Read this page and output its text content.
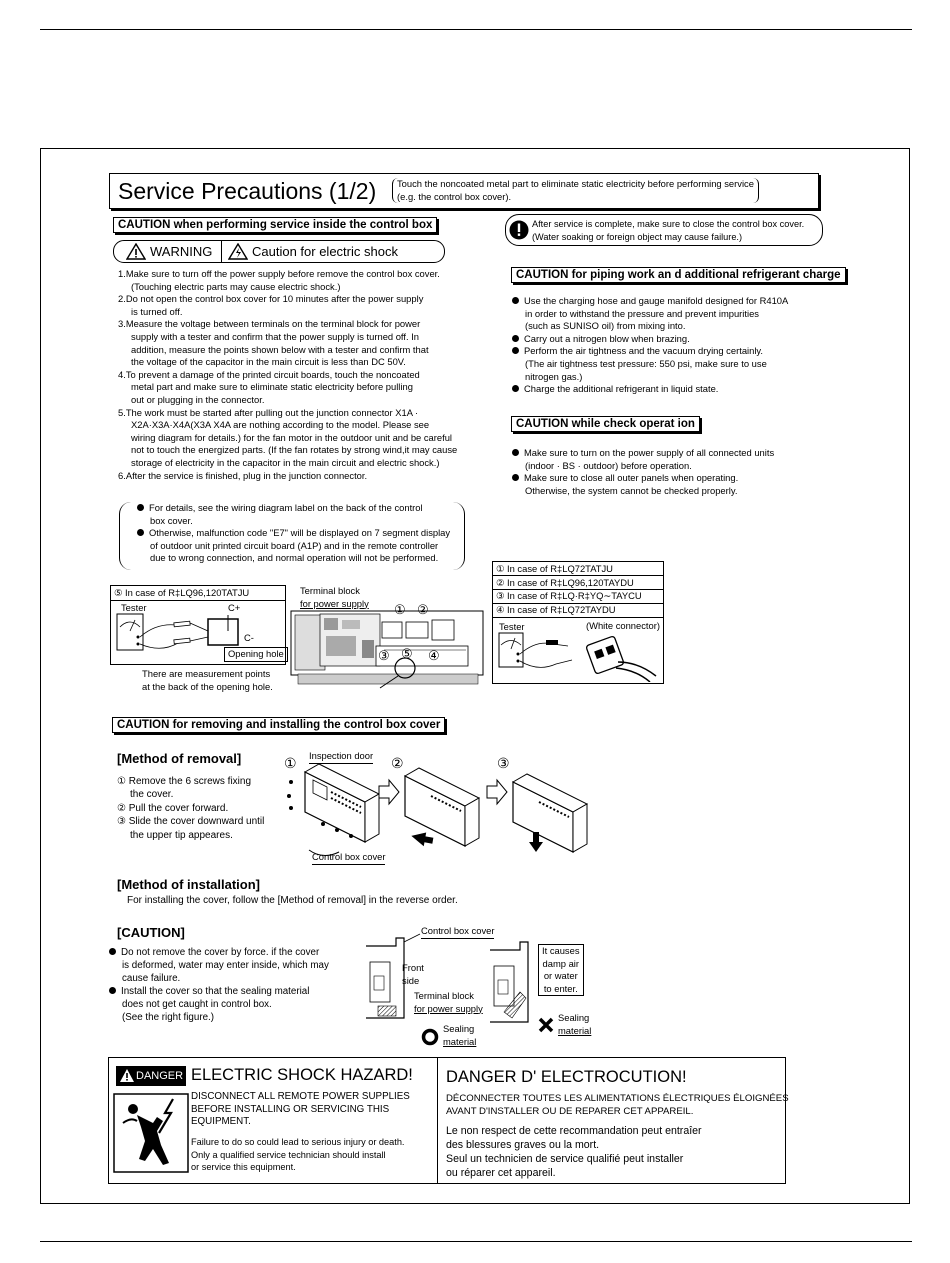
Service Precautions (1/2) Touch the noncoated metal part to eliminate static electricity before performing service
(e.g. the control box cover).
CAUTION when performing service inside the control box
WARNING	Caution for electric shock
1.Make sure to turn off the power supply before remove the control box cover.
(Touching electric parts may cause electric shock.)
2.Do not open the control box cover for 10 minutes after the power supply
is turned off.
3.Measure the voltage between terminals on the terminal block for power
supply with a tester and confirm that the power supply is turned off. In
addition, measure the points shown below with a tester and confirm that
the voltage of the capacitor in the main circuit is less than DC 50V.
4.To prevent a damage of the printed circuit boards, touch the noncoated
metal part and make sure to eliminate static electricity before pulling
out or plugging in the connector.
5.The work must be started after pulling out the junction connector X1A ·
X2A·X3A·X4A(X3A X4A are nothing according to the model. Please see
wiring diagram for details.) for the fan motor in the outdoor unit and be careful
not to touch the energized parts. (If the fan rotates by strong wind,it may cause
storage of electricity in the capacitor in the main circuit and electric shock.)
6.After the service is finished, plug in the junction connector.
For details, see the wiring diagram label on the back of the control
box cover.
Otherwise, malfunction code "E7" will be displayed on 7 segment display
of outdoor unit printed circuit board (A1P) and in the remote controller
due to wrong connection, and normal operation will not be performed.
After service is complete, make sure to close the control box cover.
(Water soaking or foreign object may cause failure.)
CAUTION for piping work an d additional refrigerant charge
Use the charging hose and gauge manifold designed for R410A
in order to withstand the pressure and prevent impurities
(such as SUNISO oil) from mixing into.
Carry out a nitrogen blow when brazing.
Perform the air tightness and the vacuum drying certainly.
(The air tightness test pressure: 550 psi, make sure to use
nitrogen gas.)
Charge the additional refrigerant in liquid state.
CAUTION while check operat ion
Make sure to turn on the power supply of all connected units
(indoor · BS · outdoor) before operation.
Make sure to close all outer panels when operating.
Otherwise, the system cannot be checked properly.
⑤ In case of R‡LQ96,120TATJU
Tester	C+
C-
Opening hole
There are measurement points
at the back of the opening hole.
Terminal block
for power supply ① ②
③ ⑤ ④
① In case of R‡LQ72TATJU
② In case of R‡LQ96,120TAYDU
③ In case of R‡LQ·R‡YQ∼TAYCU
④ In case of R‡LQ72TAYDU
Tester	(White connector)
CAUTION for removing and installing the control box cover
[Method of removal]
① Remove the 6 screws fixing
the cover.
② Pull the cover forward.
③ Slide the cover downward until
the upper tip appeares.
Inspection door
Control box cover
①	②	③
[Method of installation]
For installing the cover, follow the [Method of removal] in the reverse order.
[CAUTION]
Do not remove the cover by force. if the cover
is deformed, water may enter inside, which may
cause failure.
Install the cover so that the sealing material
does not get caught in control box.
(See the right figure.)
Control box cover
Front
side
Terminal block
for power supply
Sealing
material
It causes
damp air
or water
to enter.
Sealing
material
DANGER ELECTRIC SHOCK HAZARD!
DISCONNECT ALL REMOTE POWER SUPPLIES
BEFORE INSTALLING OR SERVICING THIS
EQUIPMENT.
Failure to do so could lead to serious injury or death.
Only a qualified service technician should install
or service this equipment.
DANGER D' ELECTROCUTION!
DÉCONNECTER TOUTES LES ALIMENTATIONS ÉLECTRIQUES ÉLOIGNÉES
AVANT D'INSTALLER OU DE REPARER CET APPAREIL.
Le non respect de cette recommandation peut entraîer
des blessures graves ou la mort.
Seul un technicien de service qualifié peut installer
ou réparer cet appareil.
